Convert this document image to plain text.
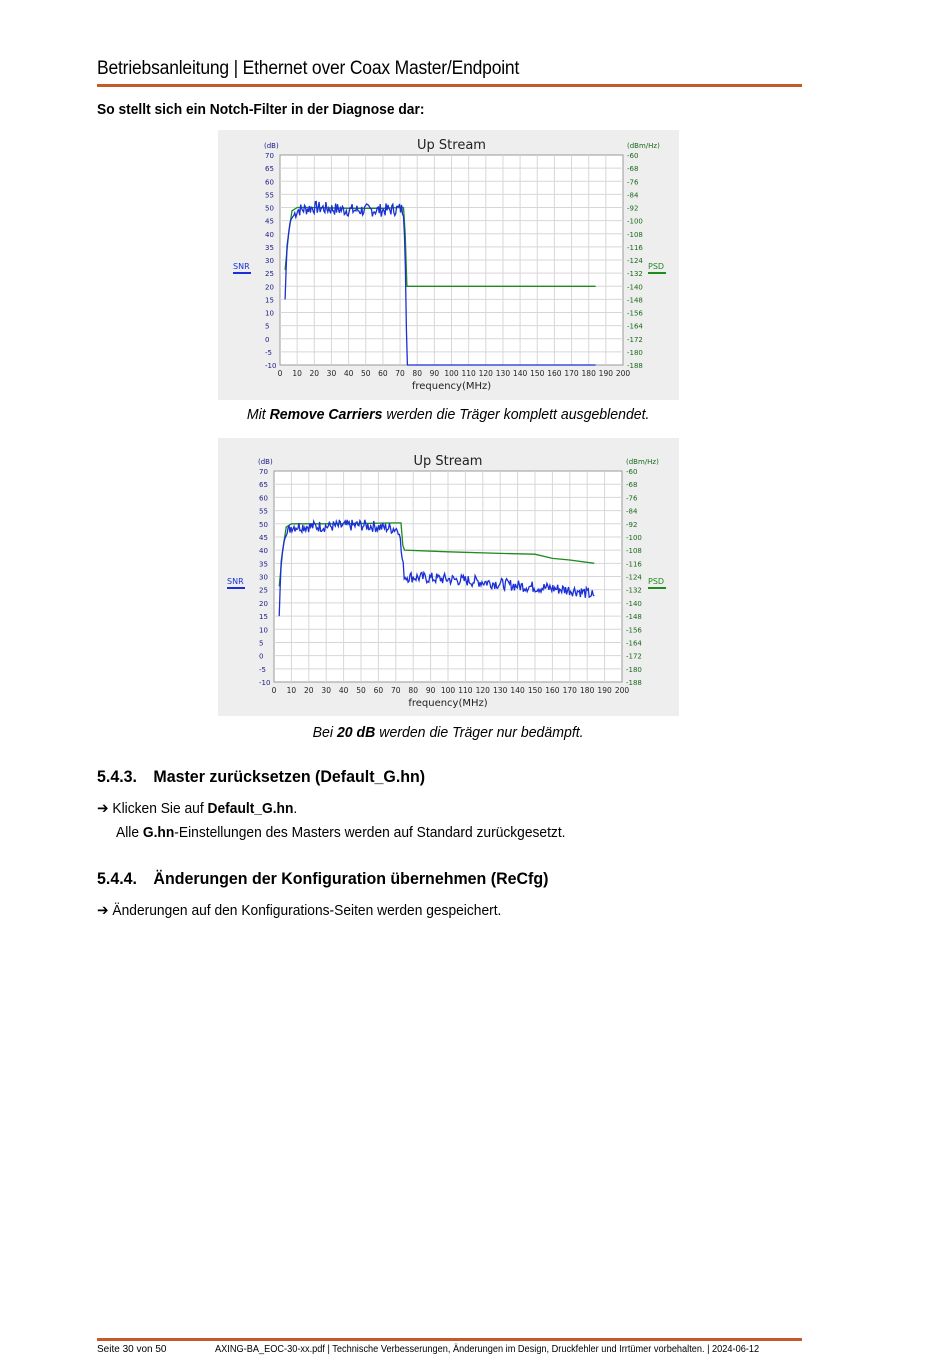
Betriebsanleitung | Ethernet over Coax Master/Endpoint
So stellt sich ein Notch-Filter in der Diagnose dar:
0 10 20 30 40 50 60 70 80 90 100 110 120 130 140 150 160 170 180 190 200
70
65
60
55
50
45
40
35
30
25
20
15
10
5
0
-5
-10
-60
-68
-76
-84
-92
-100
-108
-116
-124
-132
-140
-148
-156
-164
-172
-180
-188
Up Stream
frequency(MHz)
(dB)	(dBm/Hz)
SNR	PSD
Mit Remove Carriers werden die Träger komplett ausgeblendet.
0 10 20 30 40 50 60 70 80 90 100 110 120 130 140 150 160 170 180 190 200
70
65
60
55
50
45
40
35
30
25
20
15
10
5
0
-5
-10
-60
-68
-76
-84
-92
-100
-108
-116
-124
-132
-140
-148
-156
-164
-172
-180
-188
Up Stream
frequency(MHz)
(dB)	(dBm/Hz)
SNR	PSD
Bei 20 dB werden die Träger nur bedämpft.
5.4.3. Master zurücksetzen (Default_G.hn)
➔ Klicken Sie auf Default_G.hn.
Alle G.hn-Einstellungen des Masters werden auf Standard zurückgesetzt.
5.4.4. Änderungen der Konfiguration übernehmen (ReCfg)
➔ Änderungen auf den Konfigurations-Seiten werden gespeichert.
Seite 30 von 50	AXING-BA_EOC-30-xx.pdf | Technische Verbesserungen, Änderungen im Design, Druckfehler und Irrtümer vorbehalten. | 2024-06-12
